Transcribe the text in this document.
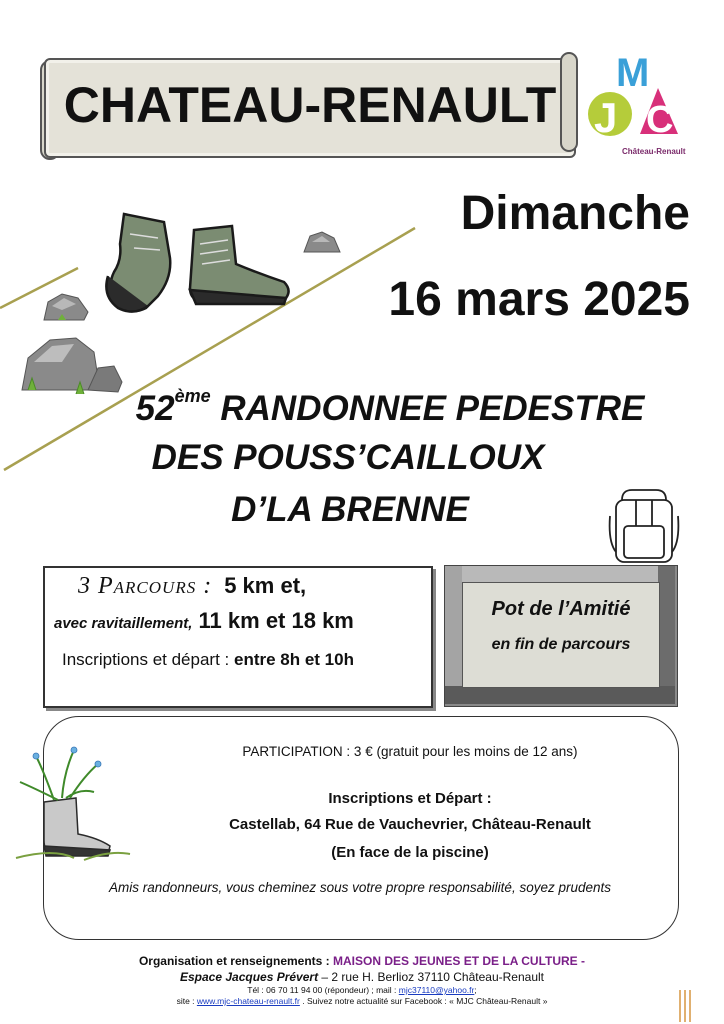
CHATEAU-RENAULT
M
J C
Château-Renault
Dimanche
16 mars 2025
52ème RANDONNEE PEDESTRE
DES POUSS’CAILLOUX
D’LA BRENNE
3 Parcours : 5 km et,
avec ravitaillement, 11 km et 18 km
Inscriptions et départ : entre 8h et 10h
Pot de l’Amitié
en fin de parcours
PARTICIPATION : 3 € (gratuit pour les moins de 12 ans)
Inscriptions et Départ :
Castellab, 64 Rue de Vauchevrier, Château-Renault
(En face de la piscine)
Amis randonneurs, vous cheminez sous votre propre responsabilité, soyez prudents
Organisation et renseignements : MAISON DES JEUNES ET DE LA CULTURE -
Espace Jacques Prévert – 2 rue H. Berlioz 37110 Château-Renault
Tél : 06 70 11 94 00 (répondeur) ; mail : mjc37110@yahoo.fr;
site : www.mjc-chateau-renault.fr . Suivez notre actualité sur Facebook : « MJC Château-Renault »
